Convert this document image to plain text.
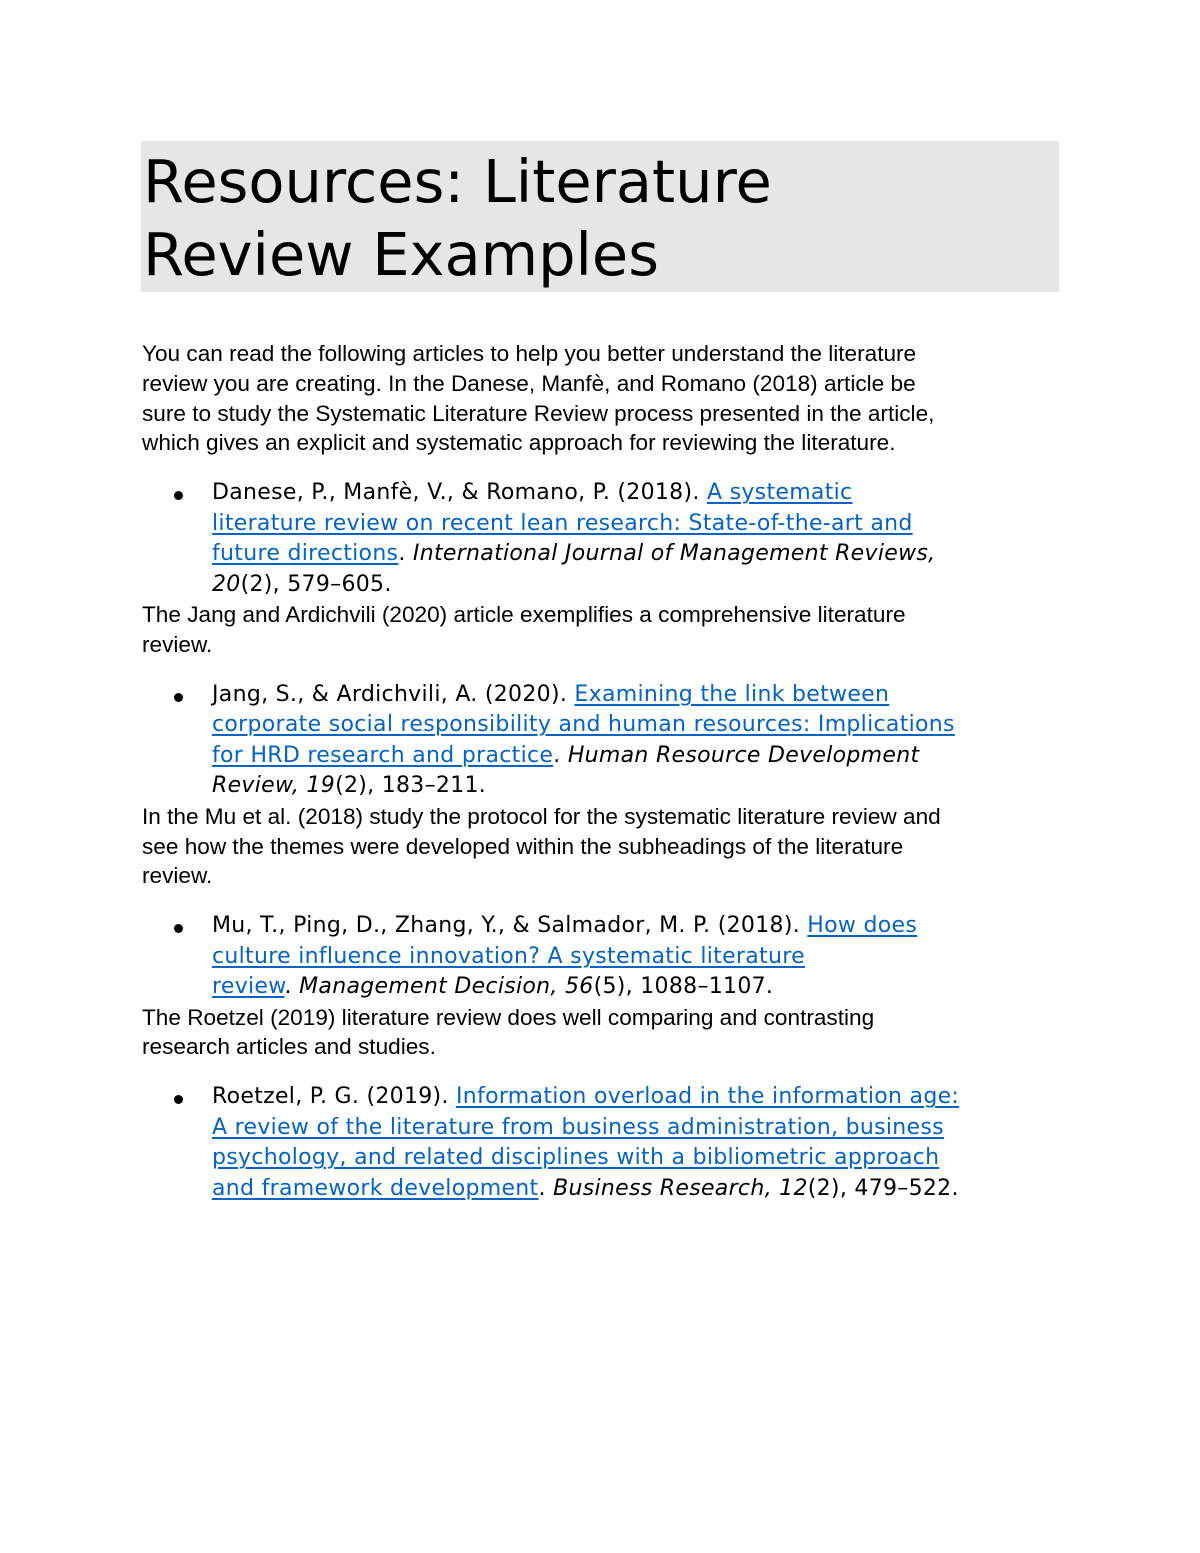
Resources: Literature
Review Examples

You can read the following articles to help you better understand the literature
review you are creating. In the Danese, Manfè, and Romano (2018) article be
sure to study the Systematic Literature Review process presented in the article,
which gives an explicit and systematic approach for reviewing the literature.

Danese, P., Manfè, V., & Romano, P. (2018). A systematic
literature review on recent lean research: State-of-the-art and
future directions. International Journal of Management Reviews,
20(2), 579–605.

The Jang and Ardichvili (2020) article exemplifies a comprehensive literature
review.

Jang, S., & Ardichvili, A. (2020). Examining the link between
corporate social responsibility and human resources: Implications
for HRD research and practice. Human Resource Development
Review, 19(2), 183–211.

In the Mu et al. (2018) study the protocol for the systematic literature review and
see how the themes were developed within the subheadings of the literature
review.

Mu, T., Ping, D., Zhang, Y., & Salmador, M. P. (2018). How does
culture influence innovation? A systematic literature
review. Management Decision, 56(5), 1088–1107.

The Roetzel (2019) literature review does well comparing and contrasting
research articles and studies.

Roetzel, P. G. (2019). Information overload in the information age:
A review of the literature from business administration, business
psychology, and related disciplines with a bibliometric approach
and framework development. Business Research, 12(2), 479–522.
